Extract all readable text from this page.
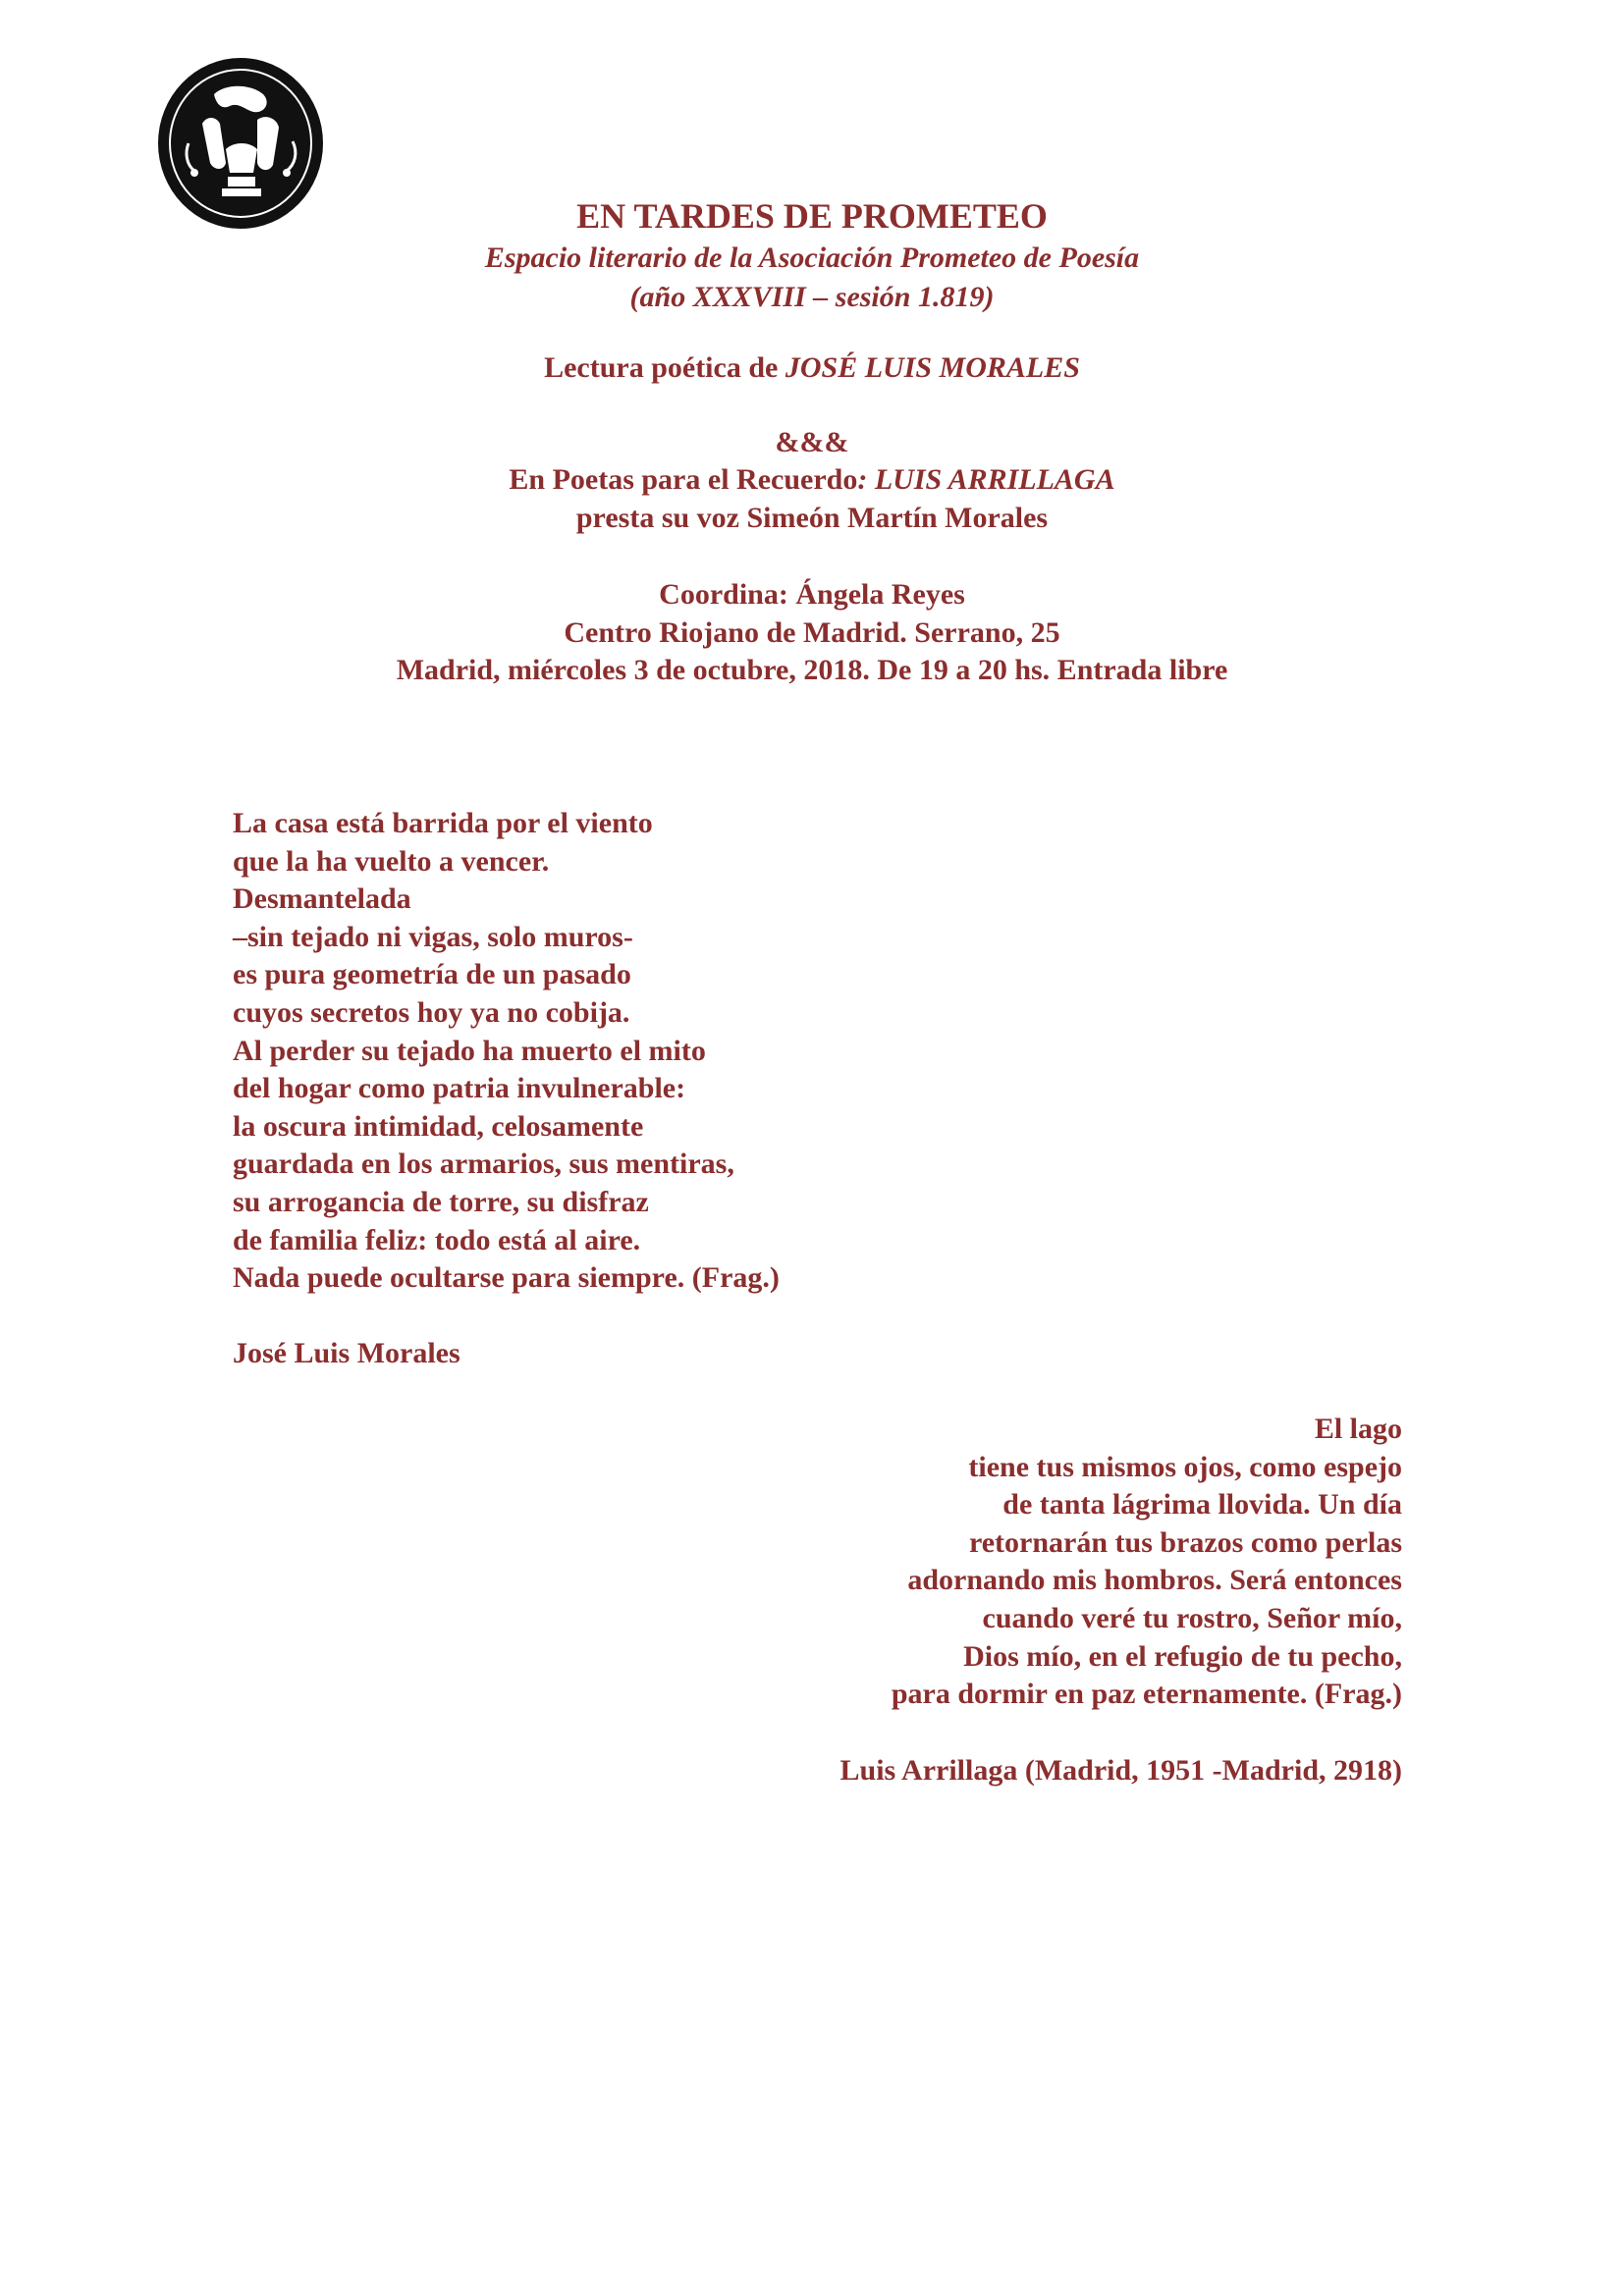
EN TARDES DE PROMETEO
Espacio literario de la Asociación Prometeo de Poesía
(año XXXVIII – sesión 1.819)
Lectura poética de JOSÉ LUIS MORALES
&&&
En Poetas para el Recuerdo: LUIS ARRILLAGA
presta su voz Simeón Martín Morales
Coordina: Ángela Reyes
Centro Riojano de Madrid. Serrano, 25
Madrid, miércoles 3 de octubre, 2018. De 19 a 20 hs. Entrada libre
La casa está barrida por el viento
que la ha vuelto a vencer.
Desmantelada
–sin tejado ni vigas, solo muros-
es pura geometría de un pasado
cuyos secretos hoy ya no cobija.
Al perder su tejado ha muerto el mito
del hogar como patria invulnerable:
la oscura intimidad, celosamente
guardada en los armarios, sus mentiras,
su arrogancia de torre, su disfraz
de familia feliz: todo está al aire.
Nada puede ocultarse para siempre. (Frag.)
José Luis Morales
El lago
tiene tus mismos ojos, como espejo
de tanta lágrima llovida. Un día
retornarán tus brazos como perlas
adornando mis hombros. Será entonces
cuando veré tu rostro, Señor mío,
Dios mío, en el refugio de tu pecho,
para dormir en paz eternamente. (Frag.)
Luis Arrillaga (Madrid, 1951 -Madrid, 2918)
